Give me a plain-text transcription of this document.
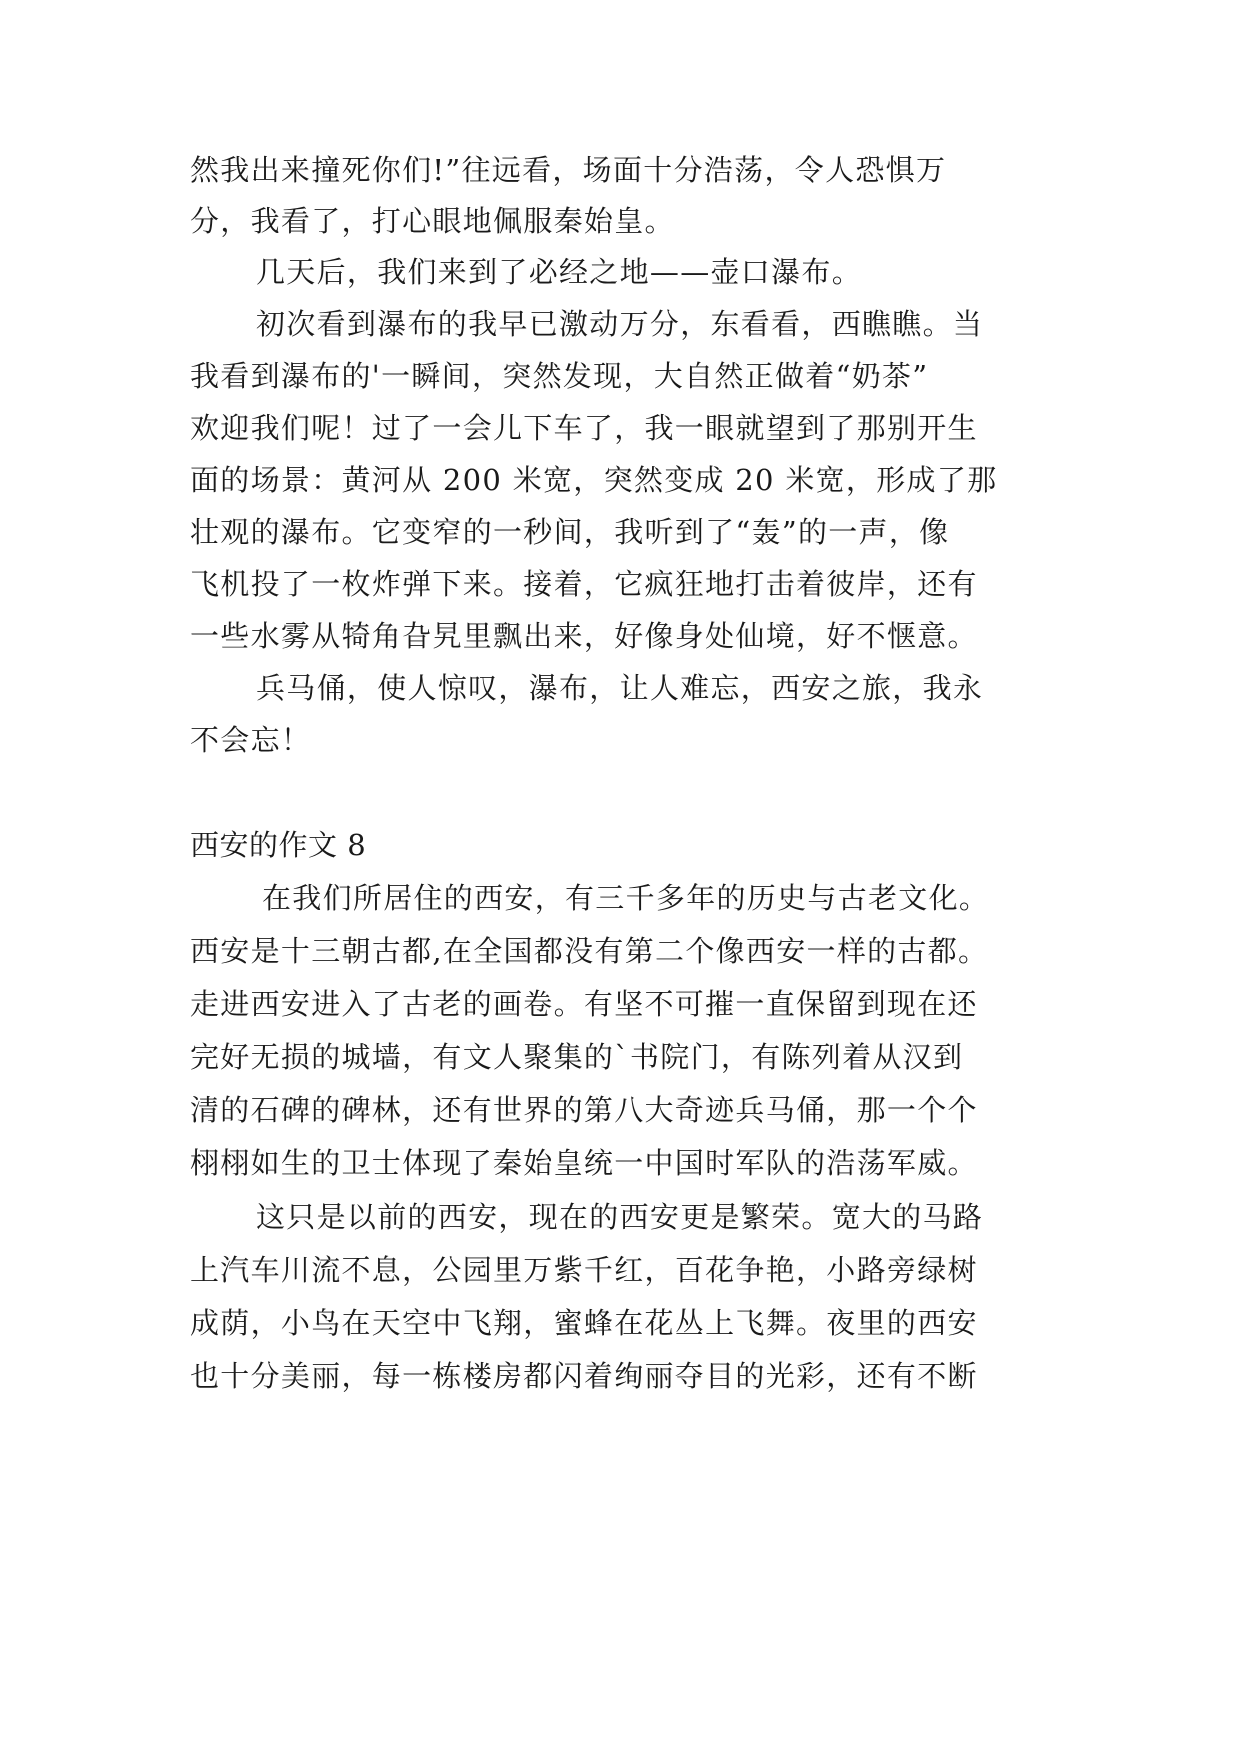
然我出来撞死你们!”往远看，场面十分浩荡，令人恐惧万

分，我看了，打心眼地佩服秦始皇。

几天后，我们来到了必经之地——壶口瀑布。

初次看到瀑布的我早已激动万分，东看看，西瞧瞧。当

我看到瀑布的'一瞬间，突然发现，大自然正做着“奶茶”

欢迎我们呢！过了一会儿下车了，我一眼就望到了那别开生

面的场景：黄河从 200 米宽，突然变成 20 米宽，形成了那

壮观的瀑布。它变窄的一秒间，我听到了“轰”的一声，像

飞机投了一枚炸弹下来。接着，它疯狂地打击着彼岸，还有

一些水雾从犄角旮旯里飘出来，好像身处仙境，好不惬意。

兵马俑，使人惊叹，瀑布，让人难忘，西安之旅，我永

不会忘！

西安的作文 8

在我们所居住的西安，有三千多年的历史与古老文化。

西安是十三朝古都,在全国都没有第二个像西安一样的古都。

走进西安进入了古老的画卷。有坚不可摧一直保留到现在还

完好无损的城墙，有文人聚集的`书院门，有陈列着从汉到

清的石碑的碑林，还有世界的第八大奇迹兵马俑，那一个个

栩栩如生的卫士体现了秦始皇统一中国时军队的浩荡军威。

这只是以前的西安，现在的西安更是繁荣。宽大的马路

上汽车川流不息，公园里万紫千红，百花争艳，小路旁绿树

成荫，小鸟在天空中飞翔，蜜蜂在花丛上飞舞。夜里的西安

也十分美丽，每一栋楼房都闪着绚丽夺目的光彩，还有不断
